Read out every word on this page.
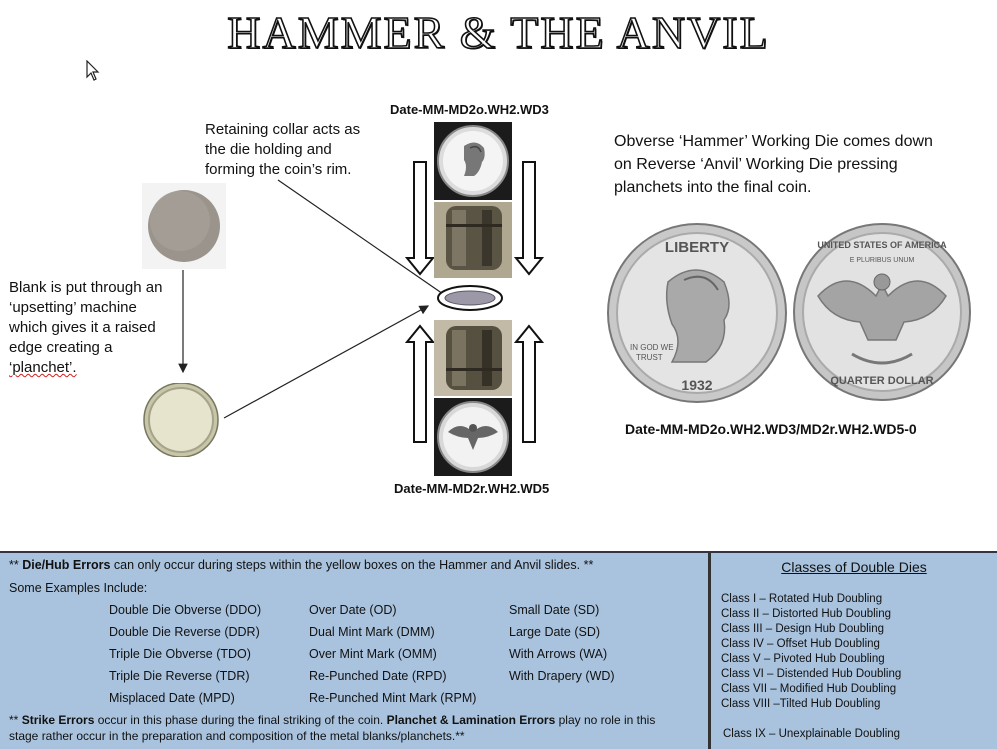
HAMMER & THE ANVIL
Date-MM-MD2o.WH2.WD3
Date-MM-MD2r.WH2.WD5
Retaining collar acts as
the die holding and
forming the coin’s rim.
Blank is put through an
‘upsetting’ machine
which gives it a raised
edge creating a
‘planchet’.
Obverse ‘Hammer’ Working Die comes down
on Reverse ‘Anvil’ Working Die pressing
planchets into the final coin.
LIBERTY
IN GOD WE
TRUST
1932
UNITED STATES OF AMERICA
E PLURIBUS UNUM
QUARTER DOLLAR
Date-MM-MD2o.WH2.WD3/MD2r.WH2.WD5-0
** Die/Hub Errors can only occur during steps within the yellow boxes on the Hammer and Anvil slides. **
Some Examples Include:
Double Die Obverse (DDO)
Double Die Reverse (DDR)
Triple Die Obverse (TDO)
Triple Die Reverse (TDR)
Misplaced Date (MPD)
Over Date (OD)
Dual Mint Mark (DMM)
Over Mint Mark (OMM)
Re-Punched Date (RPD)
Re-Punched Mint Mark (RPM)
Small Date (SD)
Large Date (SD)
With Arrows (WA)
With Drapery (WD)
** Strike Errors occur in this phase during the final striking of the coin. Planchet & Lamination Errors play no role in this
stage rather occur in the preparation and composition of the metal blanks/planchets.**
Classes of Double Dies
Class I – Rotated Hub Doubling
Class II – Distorted Hub Doubling
Class III – Design Hub Doubling
Class IV – Offset Hub Doubling
Class V – Pivoted Hub Doubling
Class VI – Distended Hub Doubling
Class VII – Modified Hub Doubling
Class VIII –Tilted Hub Doubling
Class IX – Unexplainable Doubling
